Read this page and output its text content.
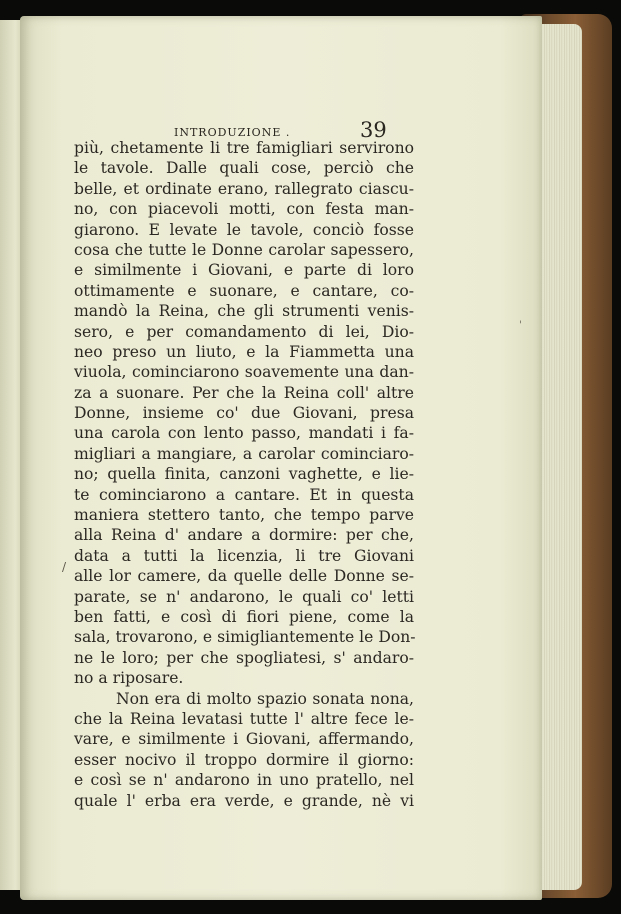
INTRODUZIONE .	39
più, chetamente li tre famigliari servirono
le tavole. Dalle quali cose, perciò che
belle, et ordinate erano, rallegrato ciascu-
no, con piacevoli motti, con festa man-
giarono. E levate le tavole, conciò fosse
cosa che tutte le Donne carolar sapessero,
e similmente i Giovani, e parte di loro
ottimamente e suonare, e cantare, co-
mandò la Reina, che gli strumenti venis-
sero, e per comandamento di lei, Dio-
neo preso un liuto, e la Fiammetta una
viuola, cominciarono soavemente una dan-
za a suonare. Per che la Reina coll' altre
Donne, insieme co' due Giovani, presa
una carola con lento passo, mandati i fa-
migliari a mangiare, a carolar cominciaro-
no; quella finita, canzoni vaghette, e lie-
te cominciarono a cantare. Et in questa
maniera stettero tanto, che tempo parve
alla Reina d' andare a dormire: per che,
data a tutti la licenzia, li tre Giovani
alle lor camere, da quelle delle Donne se-
parate, se n' andarono, le quali co' letti
ben fatti, e così di fiori piene, come la
sala, trovarono, e simigliantemente le Don-
ne le loro; per che spogliatesi, s' andaro-
no a riposare.
Non era di molto spazio sonata nona,
che la Reina levatasi tutte l' altre fece le-
vare, e similmente i Giovani, affermando,
esser nocivo il troppo dormire il giorno:
e così se n' andarono in uno pratello, nel
quale l' erba era verde, e grande, nè vi
/
'
